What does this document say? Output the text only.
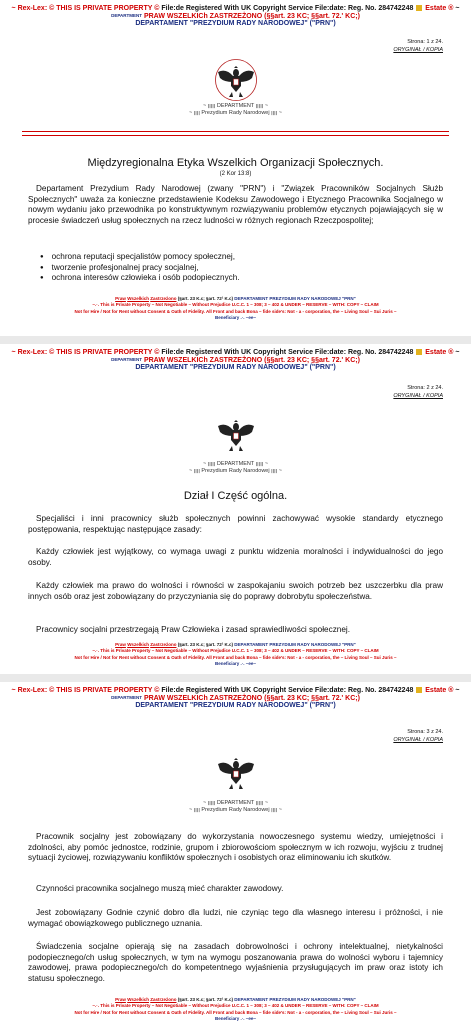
~ Rex-Lex: © THIS IS PRIVATE PROPERTY © File:de Registered With UK Copyright Service File:date: Reg. No. 284742248 Estate ® ~
DEPARTMENT PRAW WSZELKICh ZASTRZEŻONO (§§art. 23 KC; §§art. 72.' KC;)
DEPARTAMENT "PREZYDIUM RADY NARODOWEJ" ("PRN")
Strona: 1 z 24.
ORYGINAŁ / KOPIA
~ ꞁꞁꞁꞁꞁ DEPARTMENT ꞁꞁꞁꞁꞁ ~
~ ꞁꞁꞁꞁ Prezydium Rady Narodowej ꞁꞁꞁꞁ ~
Międzyregionalna Etyka Wszelkich Organizacji Społecznych.
(2 Kor 13:8)
Departament Prezydium Rady Narodowej (zwany "PRN") i "Związek Pracowników Socjalnych Służb Społecznych" uważa za konieczne przedstawienie Kodeksu Zawodowego i Etycznego Pracownika Socjalnego w nowym wydaniu jako przewodnika po konstruktywnym rozwiązywaniu problemów etycznych pojawiających się w procesie świadczeń usług społecznych na rzecz ludności w różnych regionach Rzeczpospolitej;
● ochrona reputacji specjalistów pomocy społecznej,
● tworzenie profesjonalnej pracy socjalnej,
● ochrona interesów człowieka i osób podopiecznych.
Praw Wszelkich Zastrzeżono (§art. 23 K.c; §art. 72¹ K.c) DEPARTAMENT PREZYDIUM RADY NARODOWEJ "PRN"
~.·. This is Private Property – Not Negotiable – Without Prejudice U.C.C. 1 – 308; 3 – 402 & UNDER – RESERVE – WITH: COPY – CLAIM
Not for Hire / Not for Rent without Consent & Oath of Fidelity. All Front and back Bona – fide side's: Not - a - corporation, the – Living Soul – Sui Juris –
Beneficiary .·. ~ee~
~ Rex-Lex: © THIS IS PRIVATE PROPERTY © File:de Registered With UK Copyright Service File:date: Reg. No. 284742248 Estate ® ~
DEPARTMENT PRAW WSZELKICh ZASTRZEŻONO (§§art. 23 KC; §§art. 72.' KC;)
DEPARTAMENT "PREZYDIUM RADY NARODOWEJ" ("PRN")
Strona: 2 z 24.
ORYGINAŁ / KOPIA
~ ꞁꞁꞁꞁꞁ DEPARTMENT ꞁꞁꞁꞁꞁ ~
~ ꞁꞁꞁꞁ Prezydium Rady Narodowej ꞁꞁꞁꞁ ~
Dział I Część ogólna.
Specjaliści i inni pracownicy służb społecznych powinni zachowywać wysokie standardy etycznego postępowania, respektując następujące zasady:
Każdy człowiek jest wyjątkowy, co wymaga uwagi z punktu widzenia moralności i indywidualności do jego osoby.
Każdy człowiek ma prawo do wolności i równości w zaspokajaniu swoich potrzeb bez uszczerbku dla praw innych osób oraz jest zobowiązany do przyczyniania się do poprawy dobrobytu społeczeństwa.
Pracownicy socjalni przestrzegają Praw Człowieka i zasad sprawiedliwości społecznej.
Praw Wszelkich Zastrzeżono (§art. 23 K.c; §art. 72¹ K.c) DEPARTAMENT PREZYDIUM RADY NARODOWEJ "PRN"
~.·. This is Private Property – Not Negotiable – Without Prejudice U.C.C. 1 – 308; 3 – 402 & UNDER – RESERVE – WITH: COPY – CLAIM
Not for Hire / Not for Rent without Consent & Oath of Fidelity. All Front and back Bona – fide side's: Not - a - corporation, the – Living Soul – Sui Juris –
Beneficiary .·. ~ee~
~ Rex-Lex: © THIS IS PRIVATE PROPERTY © File:de Registered With UK Copyright Service File:date: Reg. No. 284742248 Estate ® ~
DEPARTMENT PRAW WSZELKICh ZASTRZEŻONO (§§art. 23 KC; §§art. 72.' KC;)
DEPARTAMENT "PREZYDIUM RADY NARODOWEJ" ("PRN")
Strona: 3 z 24.
ORYGINAŁ / KOPIA
~ ꞁꞁꞁꞁꞁ DEPARTMENT ꞁꞁꞁꞁꞁ ~
~ ꞁꞁꞁꞁ Prezydium Rady Narodowej ꞁꞁꞁꞁ ~
Pracownik socjalny jest zobowiązany do wykorzystania nowoczesnego systemu wiedzy, umiejętności i zdolności, aby pomóc jednostce, rodzinie, grupom i zbiorowościom społecznym w ich rozwoju, wyjściu z trudnej sytuacji życiowej, rozwiązywaniu konfliktów społecznych i osobistych oraz eliminowaniu ich skutków.
Czynności pracownika socjalnego muszą mieć charakter zawodowy.
Jest zobowiązany Godnie czynić dobro dla ludzi, nie czyniąc tego dla własnego interesu i próżności, i nie wymagać obowiązkowego publicznego uznania.
Świadczenia socjalne opierają się na zasadach dobrowolności i ochrony intelektualnej, nietykalności podopiecznego/ch usług społecznych, w tym na wymogu poszanowania prawa do wolności wyboru i tajemnicy zawodowej, prawa podopiecznego/ch do kompetentnego wyjaśnienia przysługujących im praw oraz istoty ich statusu społecznego.
Praw Wszelkich Zastrzeżono (§art. 23 K.c; §art. 72¹ K.c) DEPARTAMENT PREZYDIUM RADY NARODOWEJ "PRN"
~.·. This is Private Property – Not Negotiable – Without Prejudice U.C.C. 1 – 308; 3 – 402 & UNDER – RESERVE – WITH: COPY – CLAIM
Not for Hire / Not for Rent without Consent & Oath of Fidelity. All Front and back Bona – fide side's: Not - a - corporation, the – Living Soul – Sui Juris –
Beneficiary .·. ~ee~
